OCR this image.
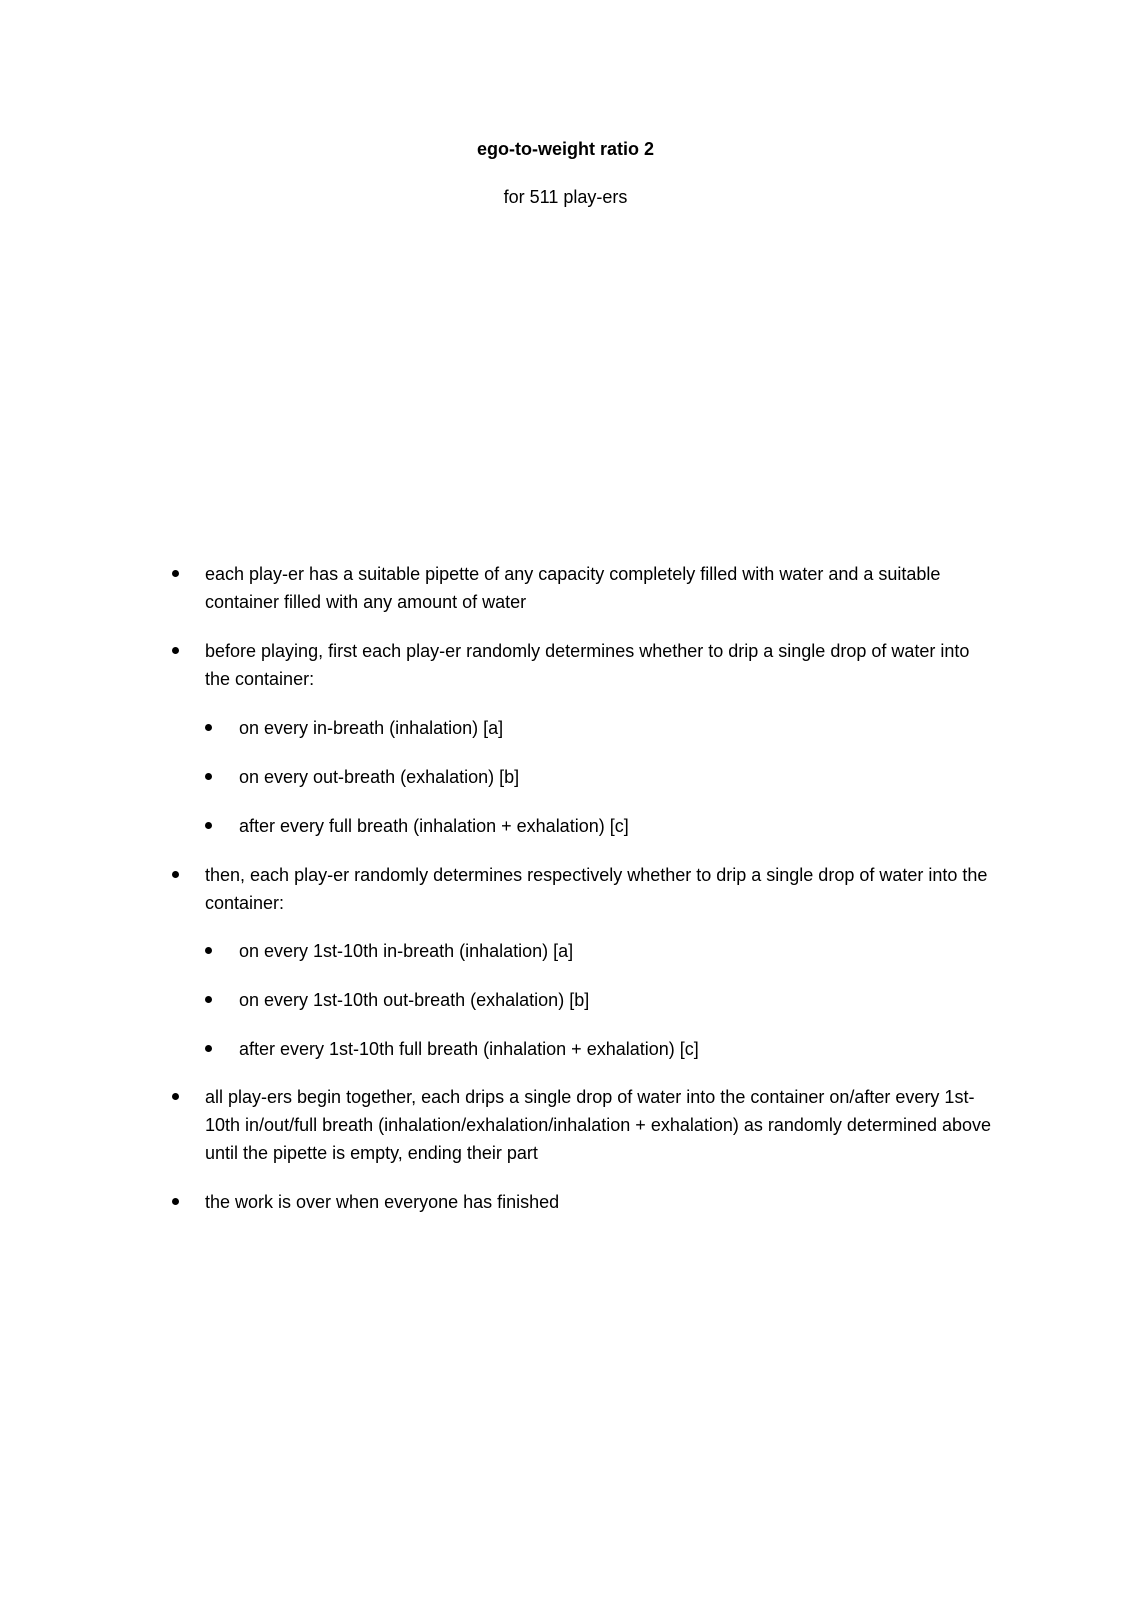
ego-to-weight ratio 2
for 511 play-ers
each play-er has a suitable pipette of any capacity completely filled with water and a suitable container filled with any amount of water
before playing, first each play-er randomly determines whether to drip a single drop of water into the container:
on every in-breath (inhalation) [a]
on every out-breath (exhalation) [b]
after every full breath (inhalation + exhalation) [c]
then, each play-er randomly determines respectively whether to drip a single drop of water into the container:
on every 1st-10th in-breath (inhalation) [a]
on every 1st-10th out-breath (exhalation) [b]
after every 1st-10th full breath (inhalation + exhalation) [c]
all play-ers begin together, each drips a single drop of water into the container on/after every 1st-10th in/out/full breath (inhalation/exhalation/inhalation + exhalation) as randomly determined above until the pipette is empty, ending their part
the work is over when everyone has finished
